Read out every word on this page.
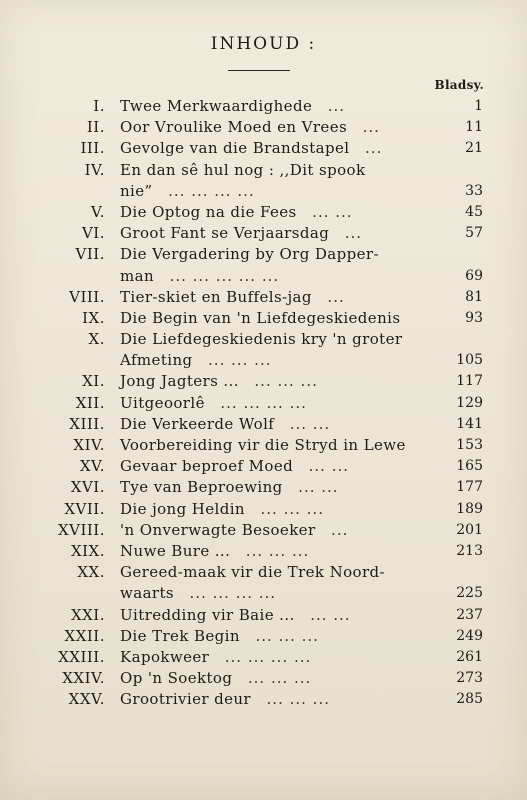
INHOUD :
Bladsy.
I. Twee Merkwaardighede ...	1
II. Oor Vroulike Moed en Vrees ...	11
III. Gevolge van die Brandstapel ...	21
IV. En dan sê hul nog : ,,Dit spook
nie” ... ... ... ...	33
V. Die Optog na die Fees ... ...	45
VI. Groot Fant se Verjaarsdag ...	57
VII. Die Vergadering by Org Dapper-
man ... ... ... ... ...	69
VIII. Tier-skiet en Buffels-jag ...	81
IX. Die Begin van 'n Liefdegeskiedenis	93
X. Die Liefdegeskiedenis kry 'n groter
Afmeting ... ... ...	105
XI. Jong Jagters ... ... ... ...	117
XII. Uitgeoorlê ... ... ... ...	129
XIII. Die Verkeerde Wolf ... ...	141
XIV. Voorbereiding vir die Stryd in Lewe	153
XV. Gevaar beproef Moed ... ...	165
XVI. Tye van Beproewing ... ...	177
XVII. Die jong Heldin ... ... ...	189
XVIII. 'n Onverwagte Besoeker ...	201
XIX. Nuwe Bure ... ... ... ...	213
XX. Gereed-maak vir die Trek Noord-
waarts ... ... ... ...	225
XXI. Uitredding vir Baie ... ... ...	237
XXII. Die Trek Begin ... ... ...	249
XXIII. Kapokweer ... ... ... ...	261
XXIV. Op 'n Soektog ... ... ...	273
XXV. Grootrivier deur ... ... ...	285
